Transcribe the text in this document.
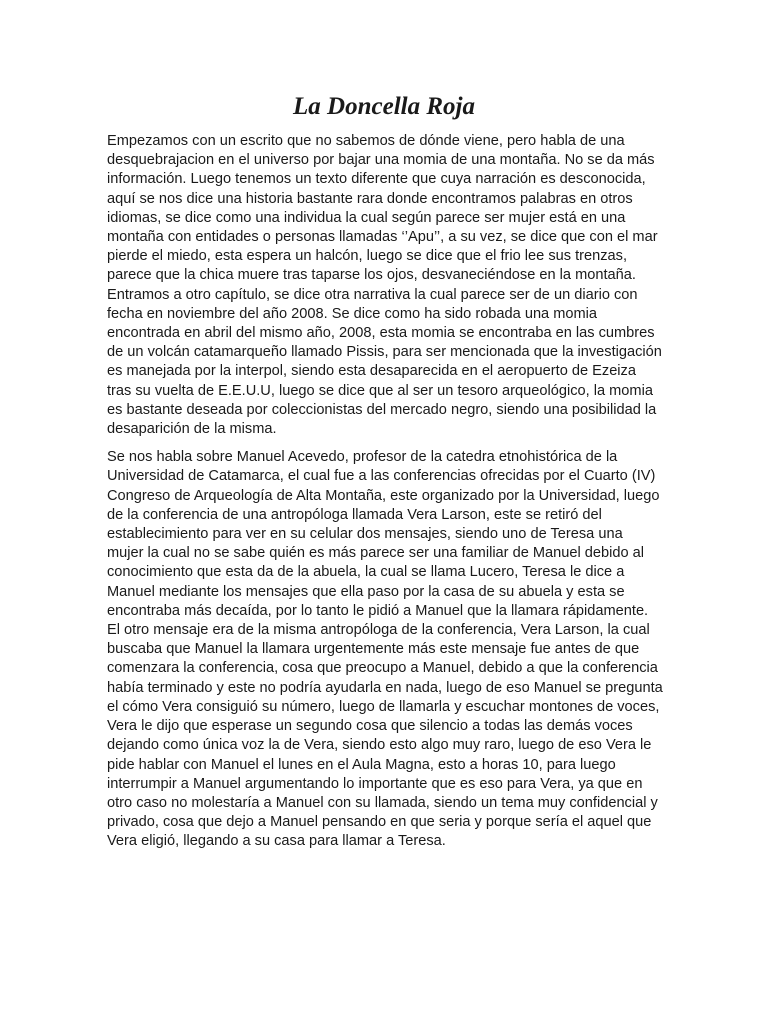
La Doncella Roja

Empezamos con un escrito que no sabemos de dónde viene, pero habla de una desquebrajacion en el universo por bajar una momia de una montaña. No se da más información. Luego tenemos un texto diferente que cuya narración es desconocida, aquí se nos dice una historia bastante rara donde encontramos palabras en otros idiomas, se dice como una individua la cual según parece ser mujer está en una montaña con entidades o personas llamadas ‘’Apu’’, a su vez, se dice que con el mar pierde el miedo, esta espera un halcón, luego se dice que el frio lee sus trenzas, parece que la chica muere tras taparse los ojos, desvaneciéndose en la montaña. Entramos a otro capítulo, se dice otra narrativa la cual parece ser de un diario con fecha en noviembre del año 2008. Se dice como ha sido robada una momia encontrada en abril del mismo año, 2008, esta momia se encontraba en las cumbres de un volcán catamarqueño llamado Pissis, para ser mencionada que la investigación es manejada por la interpol, siendo esta desaparecida en el aeropuerto de Ezeiza tras su vuelta de E.E.U.U, luego se dice que al ser un tesoro arqueológico, la momia es bastante deseada por coleccionistas del mercado negro, siendo una posibilidad la desaparición de la misma.

Se nos habla sobre Manuel Acevedo, profesor de la catedra etnohistórica de la Universidad de Catamarca, el cual fue a las conferencias ofrecidas por el Cuarto (IV) Congreso de Arqueología de Alta Montaña, este organizado por la Universidad, luego de la conferencia de una antropóloga llamada Vera Larson, este se retiró del establecimiento para ver en su celular dos mensajes, siendo uno de Teresa una mujer la cual no se sabe quién es más parece ser una familiar de Manuel debido al conocimiento que esta da de la abuela, la cual se llama Lucero, Teresa le dice a Manuel mediante los mensajes que ella paso por la casa de su abuela y esta se encontraba más decaída, por lo tanto le pidió a Manuel que la llamara rápidamente. El otro mensaje era de la misma antropóloga de la conferencia, Vera Larson, la cual buscaba que Manuel la llamara urgentemente más este mensaje fue antes de que comenzara la conferencia, cosa que preocupo a Manuel, debido a que la conferencia había terminado y este no podría ayudarla en nada, luego de eso Manuel se pregunta el cómo Vera consiguió su número, luego de llamarla y escuchar montones de voces, Vera le dijo que esperase un segundo cosa que silencio a todas las demás voces dejando como única voz la de Vera, siendo esto algo muy raro, luego de eso Vera le pide hablar con Manuel el lunes en el Aula Magna, esto a horas 10, para luego interrumpir a Manuel argumentando lo importante que es eso para Vera, ya que en otro caso no molestaría a Manuel con su llamada, siendo un tema muy confidencial y privado, cosa que dejo a Manuel pensando en que seria y porque sería el aquel que Vera eligió, llegando a su casa para llamar a Teresa.
